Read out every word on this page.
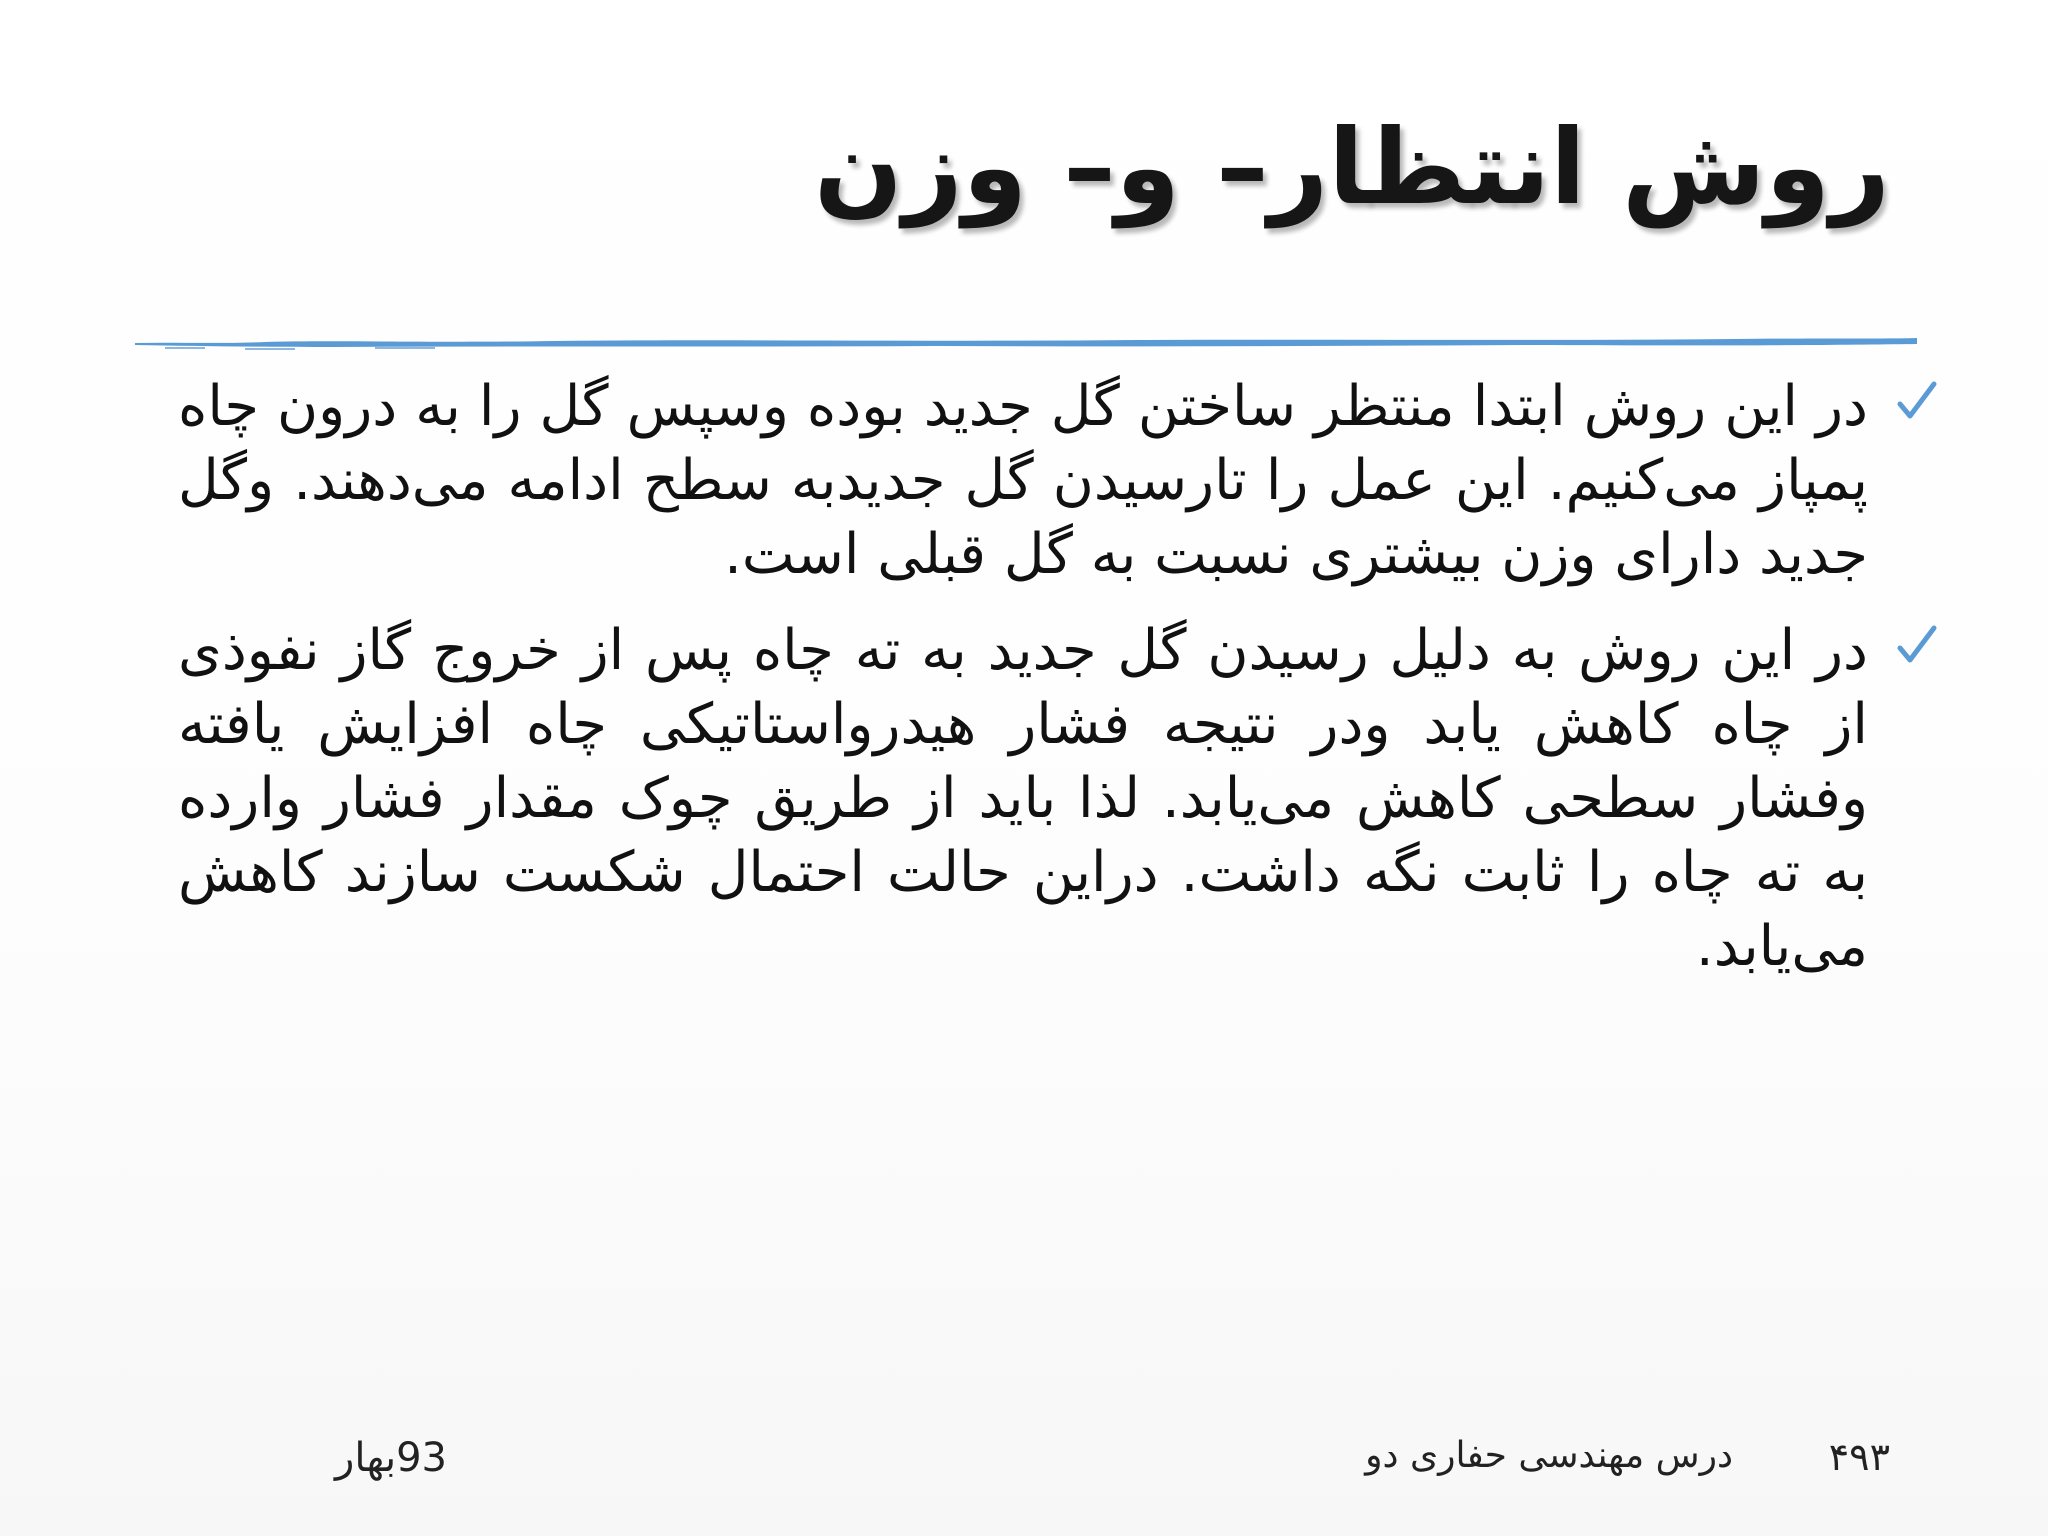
روش انتظار– و– وزن
در این روش ابتدا منتظر ساختن گل جدید بوده وسپس گل را به درون چاه پمپاز می‌کنیم. این عمل را تارسیدن گل جدیدبه سطح ادامه می‌دهند. وگل جدید دارای وزن بیشتری نسبت به گل قبلی است.
در این روش به دلیل رسیدن گل جدید به ته چاه پس از خروج گاز نفوذی از چاه کاهش یابد ودر نتیجه فشار هیدرواستاتیکی چاه افزایش یافته وفشار سطحی کاهش می‌یابد. لذا باید از طریق چوک مقدار فشار وارده به ته چاه را ثابت نگه داشت. دراین حالت احتمال شکست سازند کاهش می‌یابد.
۴۹۳
درس مهندسی حفاری دو
93بهار
